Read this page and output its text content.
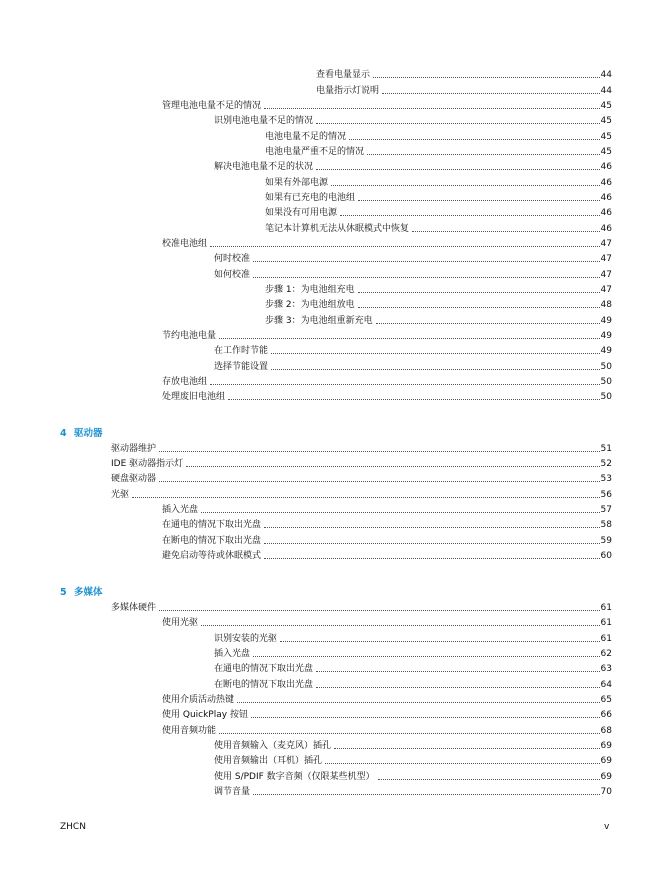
查看电量显示	44
电量指示灯说明	44
管理电池电量不足的情况	45
识别电池电量不足的情况	45
电池电量不足的情况	45
电池电量严重不足的情况	45
解决电池电量不足的状况	46
如果有外部电源	46
如果有已充电的电池组	46
如果没有可用电源	46
笔记本计算机无法从休眠模式中恢复	46
校准电池组	47
何时校准	47
如何校准	47
步骤 1：为电池组充电	47
步骤 2：为电池组放电	48
步骤 3：为电池组重新充电	49
节约电池电量	49
在工作时节能	49
选择节能设置	50
存放电池组	50
处理废旧电池组	50
4 驱动器
驱动器维护	51
IDE 驱动器指示灯	52
硬盘驱动器	53
光驱	56
插入光盘	57
在通电的情况下取出光盘	58
在断电的情况下取出光盘	59
避免启动等待或休眠模式	60
5 多媒体
多媒体硬件	61
使用光驱	61
识别安装的光驱	61
插入光盘	62
在通电的情况下取出光盘	63
在断电的情况下取出光盘	64
使用介质活动热键	65
使用 QuickPlay 按钮	66
使用音频功能	68
使用音频输入（麦克风）插孔	69
使用音频输出（耳机）插孔	69
使用 S/PDIF 数字音频（仅限某些机型）	69
调节音量	70
ZHCN	v
